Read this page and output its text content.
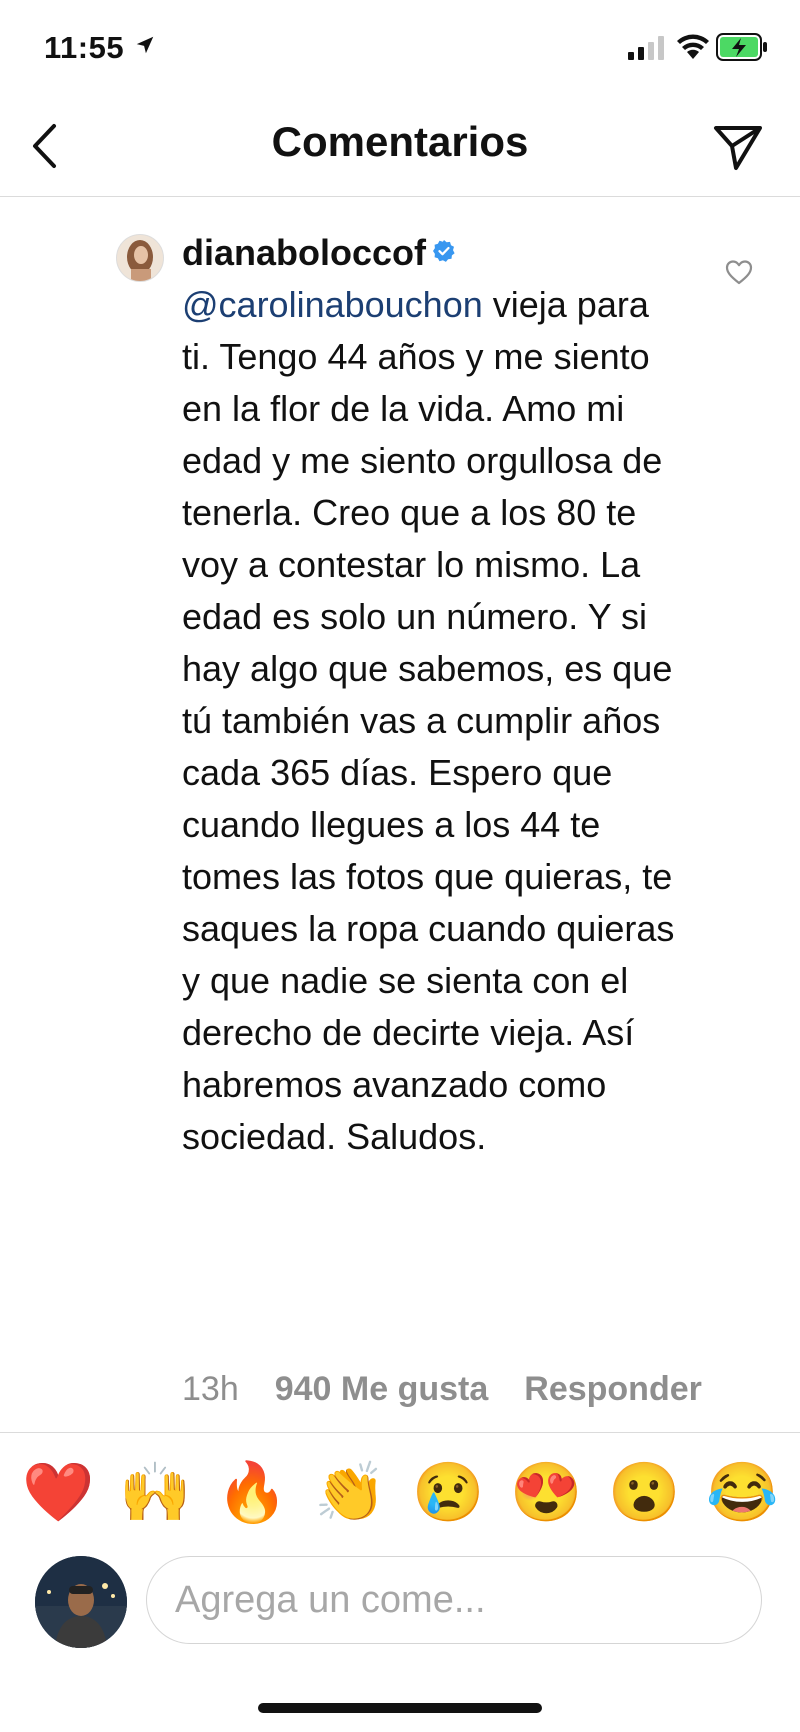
11:55
Comentarios
dianaboloccof
@carolinabouchon vieja para ti. Tengo 44 años y me siento en la flor de la vida. Amo mi edad y me siento orgullosa de tenerla. Creo que a los 80 te voy a contestar lo mismo. La edad es solo un número. Y si hay algo que sabemos, es que tú también vas a cumplir años cada 365 días. Espero que cuando llegues a los 44 te tomes las fotos que quieras, te saques la ropa cuando quieras y que nadie se sienta con el derecho de decirte vieja. Así habremos avanzado como sociedad. Saludos.
13h 940 Me gusta Responder
❤️ 🙌 🔥 👏 😢 😍 😮 😂
Agrega un come...
